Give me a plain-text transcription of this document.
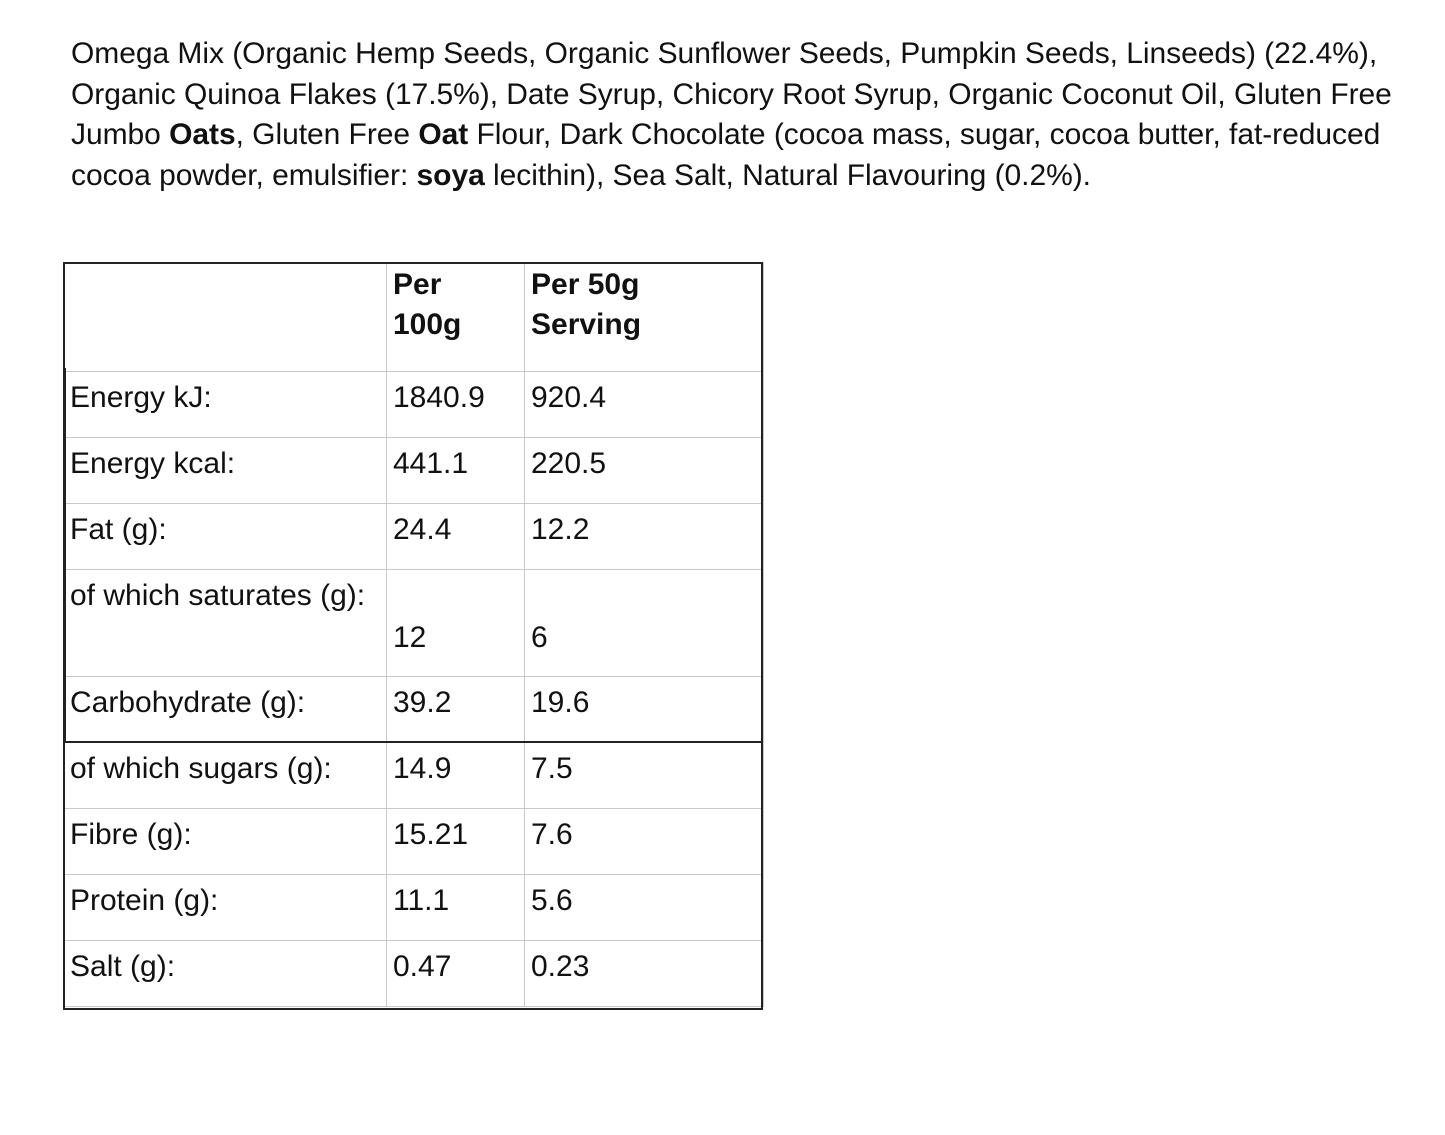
Omega Mix (Organic Hemp Seeds, Organic Sunflower Seeds, Pumpkin Seeds, Linseeds) (22.4%), Organic Quinoa Flakes (17.5%), Date Syrup, Chicory Root Syrup, Organic Coconut Oil, Gluten Free Jumbo Oats, Gluten Free Oat Flour, Dark Chocolate (cocoa mass, sugar, cocoa butter, fat-reduced cocoa powder, emulsifier: soya lecithin), Sea Salt, Natural Flavouring (0.2%).

	Per 100g	Per 50g Serving
Energy kJ:	1840.9	920.4
Energy kcal:	441.1	220.5
Fat (g):	24.4	12.2
of which saturates (g):	12	6
Carbohydrate (g):	39.2	19.6
of which sugars (g):	14.9	7.5
Fibre (g):	15.21	7.6
Protein (g):	11.1	5.6
Salt (g):	0.47	0.23
